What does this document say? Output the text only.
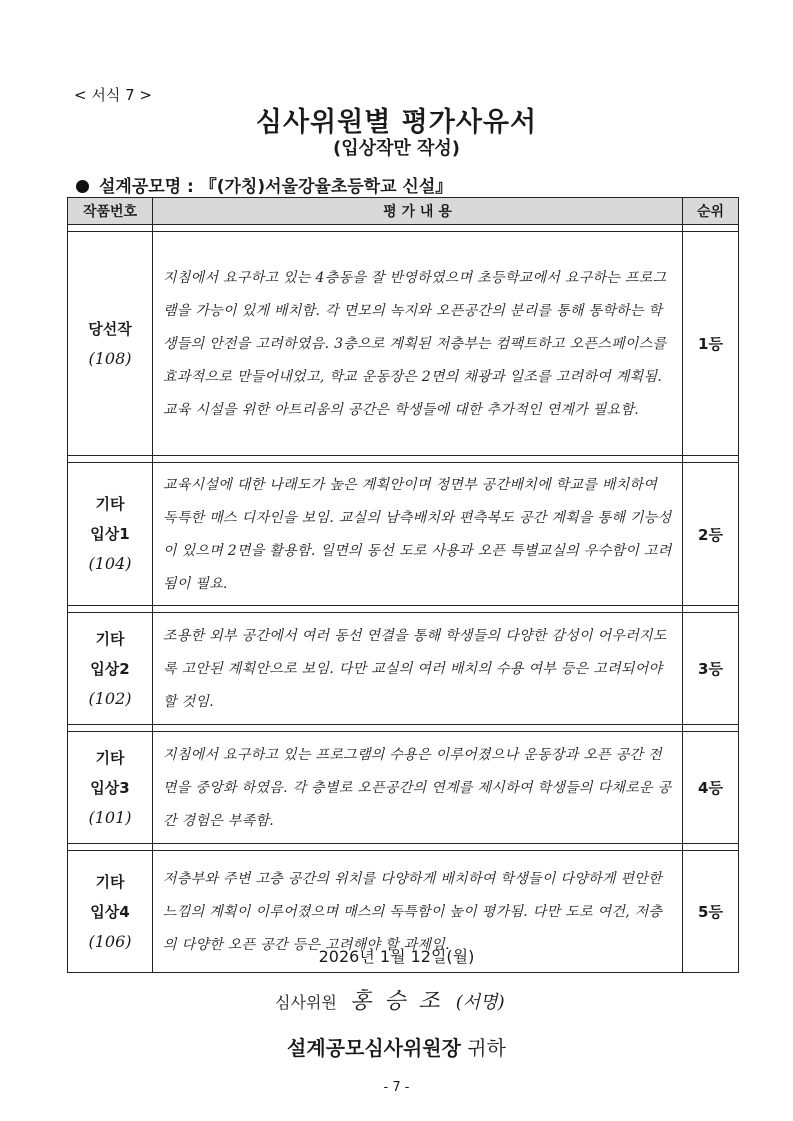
< 서식 7 >
심사위원별 평가사유서
(입상작만 작성)
설계공모명 : 『(가칭)서울강율초등학교 신설』
작품번호	평 가 내 용	순위

당선작
(108)	지침에서 요구하고 있는 4층동을 잘 반영하였으며 초등학교에서 요구하는 프로그램을 가능이 있게 배치함. 각 면모의 녹지와 오픈공간의 분리를 통해 통학하는 학생들의 안전을 고려하였음. 3층으로 계획된 저층부는 컴팩트하고 오픈스페이스를 효과적으로 만들어내었고, 학교 운동장은 2면의 채광과 일조를 고려하여 계획됨. 교육 시설을 위한 아트리움의 공간은 학생들에 대한 추가적인 연계가 필요함.	1등

기타
입상1
(104)	교육시설에 대한 나래도가 높은 계획안이며 정면부 공간배치에 학교를 배치하여 독특한 매스 디자인을 보임. 교실의 남측배치와 편측복도 공간 계획을 통해 기능성이 있으며 2면을 활용함. 일면의 동선 도로 사용과 오픈 특별교실의 우수함이 고려됨이 필요.	2등

기타
입상2
(102)	조용한 외부 공간에서 여러 동선 연결을 통해 학생들의 다양한 감성이 어우러지도록 고안된 계획안으로 보임. 다만 교실의 여러 배치의 수용 여부 등은 고려되어야 할 것임.	3등

기타
입상3
(101)	지침에서 요구하고 있는 프로그램의 수용은 이루어졌으나 운동장과 오픈 공간 전면을 중앙화 하였음. 각 층별로 오픈공간의 연계를 제시하여 학생들의 다채로운 공간 경험은 부족함.	4등

기타
입상4
(106)	저층부와 주변 고층 공간의 위치를 다양하게 배치하여 학생들이 다양하게 편안한 느낌의 계획이 이루어졌으며 매스의 독특함이 높이 평가됨. 다만 도로 여건, 저층의 다양한 오픈 공간 등은 고려해야 할 과제임.	5등
2026년 1월 12일(월)
심사위원 홍 승 조 (서명)
설계공모심사위원장 귀하
- 7 -
